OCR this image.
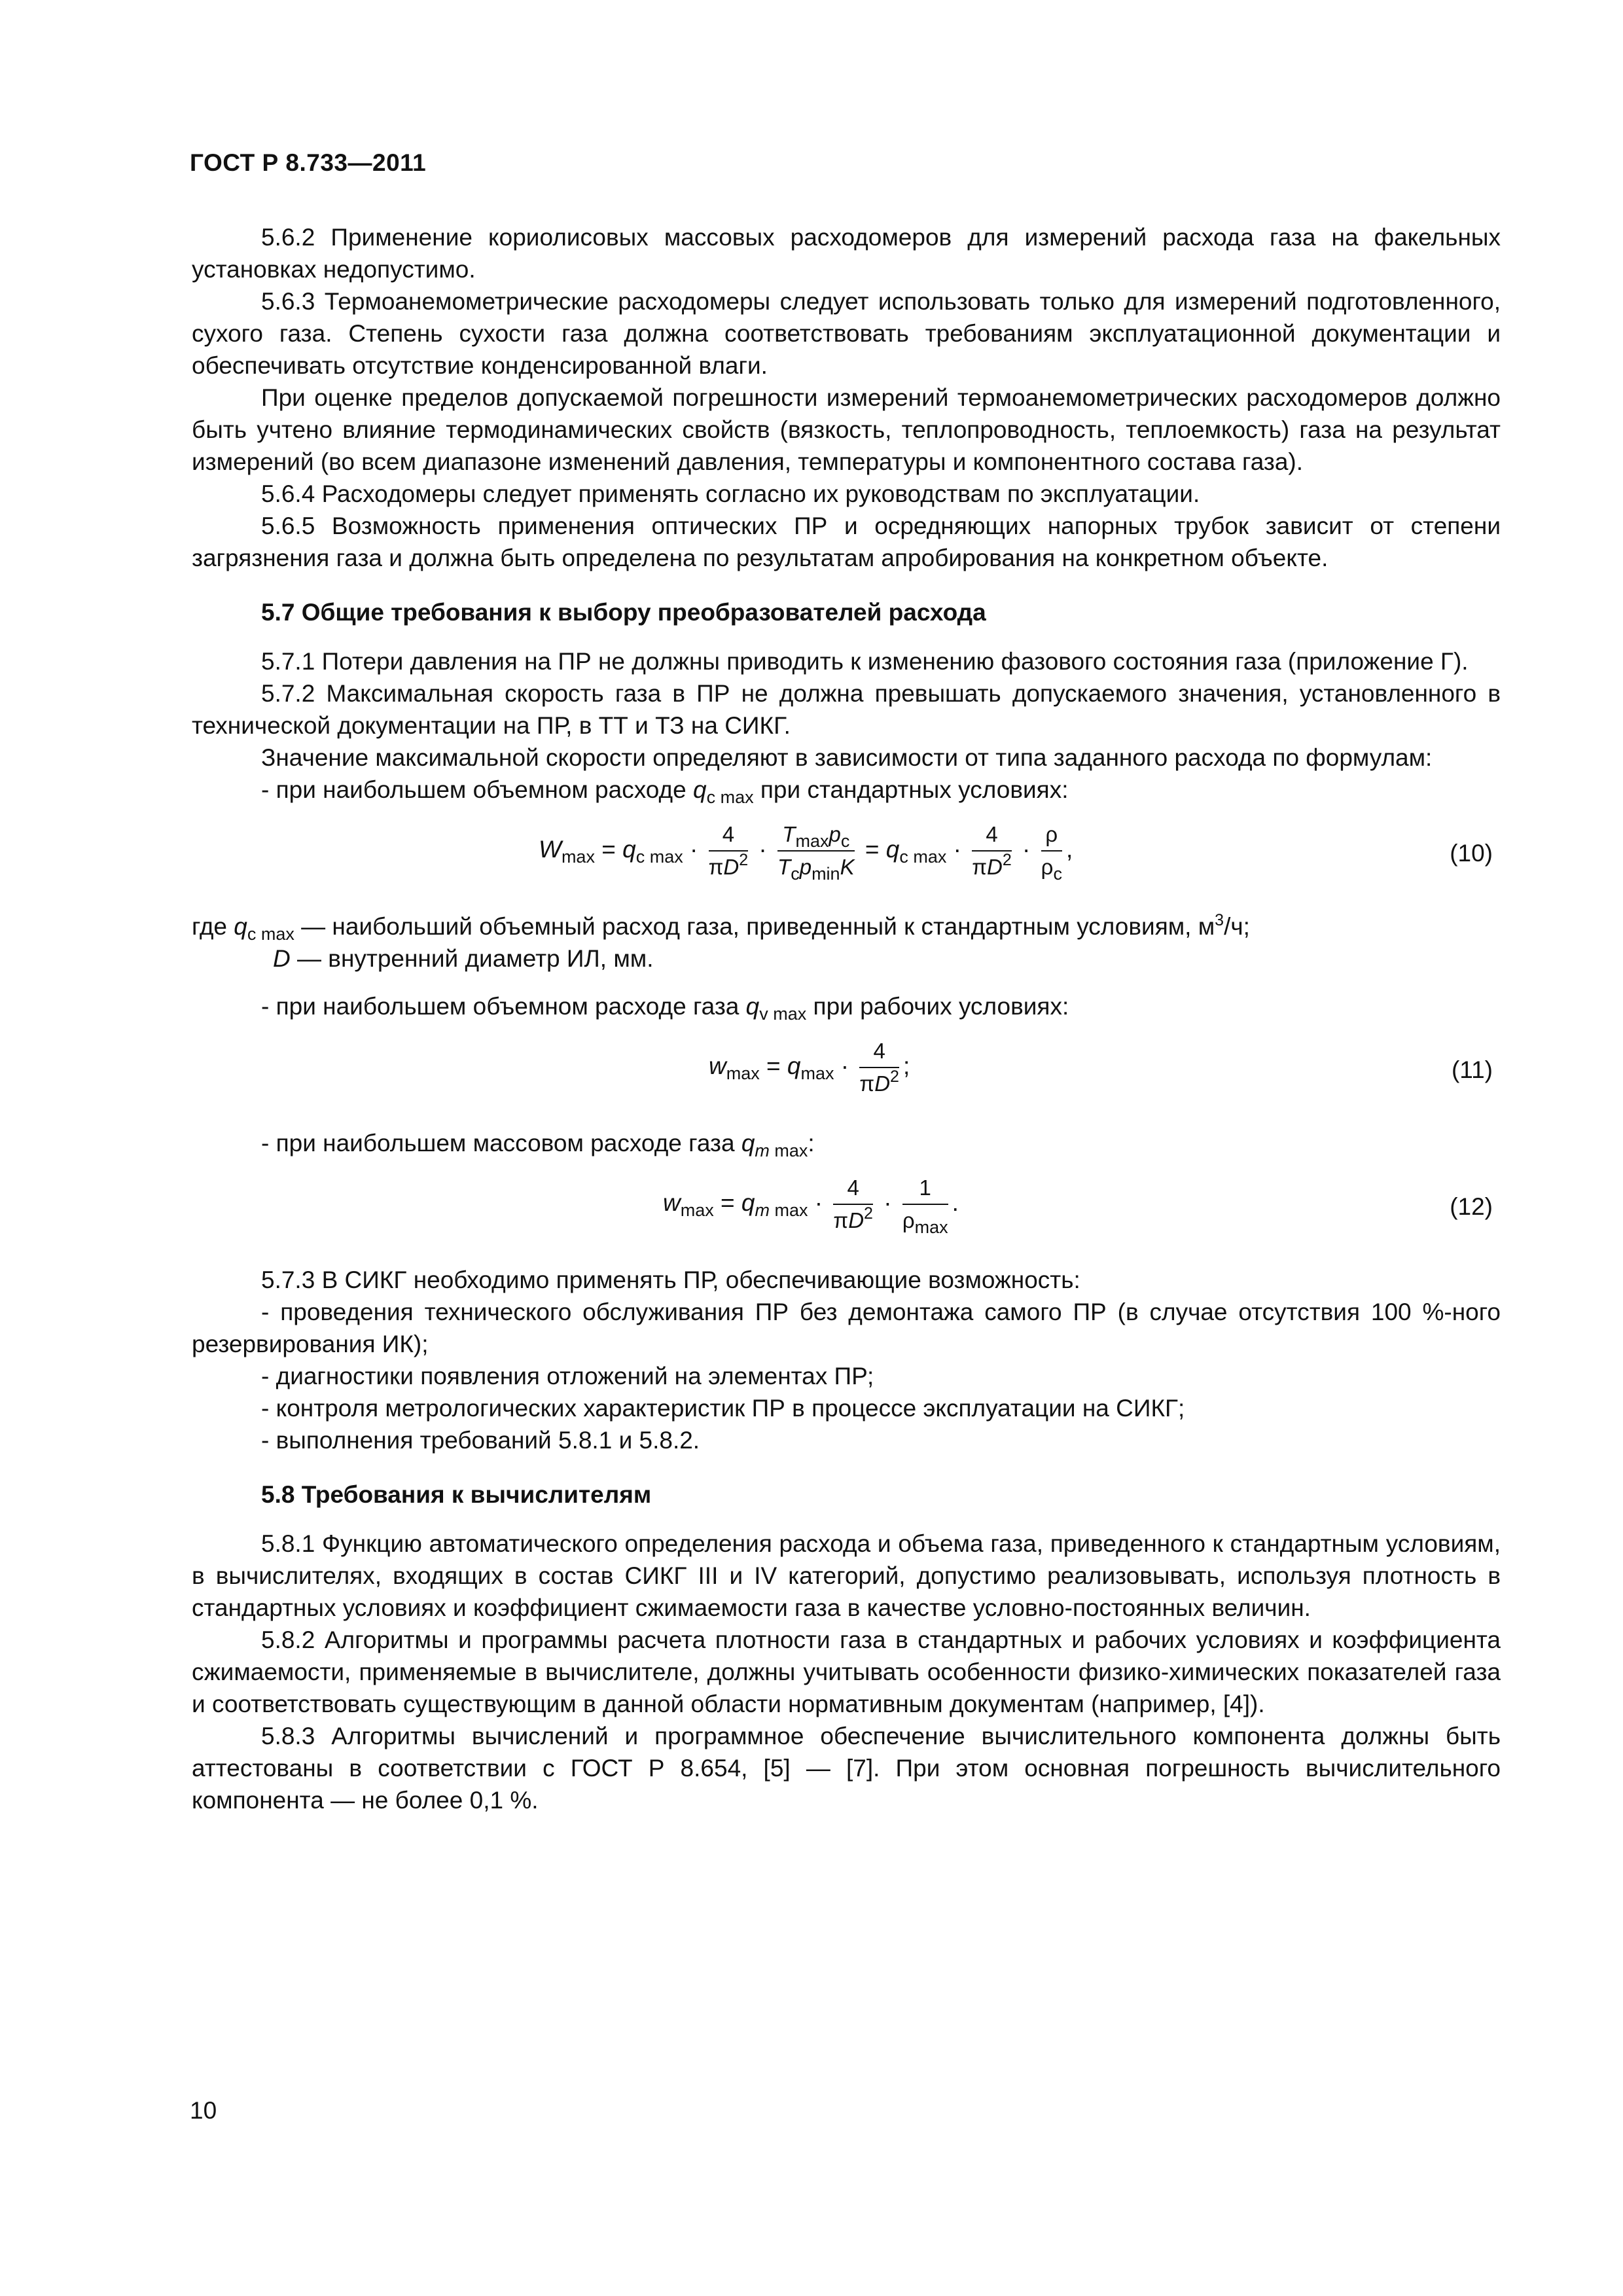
ГОСТ Р 8.733—2011

5.6.2 Применение кориолисовых массовых расходомеров для измерений расхода газа на факельных установках недопустимо.

5.6.3 Термоанемометрические расходомеры следует использовать только для измерений подготовленного, сухого газа. Степень сухости газа должна соответствовать требованиям эксплуатационной документации и обеспечивать отсутствие конденсированной влаги.

При оценке пределов допускаемой погрешности измерений термоанемометрических расходомеров должно быть учтено влияние термодинамических свойств (вязкость, теплопроводность, теплоемкость) газа на результат измерений (во всем диапазоне изменений давления, температуры и компонентного состава газа).

5.6.4 Расходомеры следует применять согласно их руководствам по эксплуатации.

5.6.5 Возможность применения оптических ПР и осредняющих напорных трубок зависит от степени загрязнения газа и должна быть определена по результатам апробирования на конкретном объекте.

5.7 Общие требования к выбору преобразователей расхода

5.7.1 Потери давления на ПР не должны приводить к изменению фазового состояния газа (приложение Г).

5.7.2 Максимальная скорость газа в ПР не должна превышать допускаемого значения, установленного в технической документации на ПР, в ТТ и ТЗ на СИКГ.

Значение максимальной скорости определяют в зависимости от типа заданного расхода по формулам:

- при наибольшем объемном расходе $q_{c max}$ при стандартных условиях:

$W_{max} = q_{c max} \cdot \frac{4}{\pi D^2} \cdot \frac{T_{max}p_c}{T_cp_{min}K} = q_{c max} \cdot \frac{4}{\pi D^2} \cdot \frac{\rho}{\rho_c}$ ,	(10)
где $q_{c max}$ — наибольший объемный расход газа, приведенный к стандартным условиям, $м^3/ч$;
D — внутренний диаметр ИЛ, мм.

- при наибольшем объемном расходе газа $q_{v max}$ при рабочих условиях:

$w_{max} = q_{max} \cdot \frac{4}{\pi D^2}$ ;	(11)

- при наибольшем массовом расходе газа $q_{m max}$:

$w_{max} = q_{m max} \cdot \frac{4}{\pi D^2} \cdot \frac{1}{\rho_{max}}$ .	(12)

5.7.3 В СИКГ необходимо применять ПР, обеспечивающие возможность:

- проведения технического обслуживания ПР без демонтажа самого ПР (в случае отсутствия 100 %-ного резервирования ИК);

- диагностики появления отложений на элементах ПР;

- контроля метрологических характеристик ПР в процессе эксплуатации на СИКГ;

- выполнения требований 5.8.1 и 5.8.2.

5.8 Требования к вычислителям

5.8.1 Функцию автоматического определения расхода и объема газа, приведенного к стандартным условиям, в вычислителях, входящих в состав СИКГ III и IV категорий, допустимо реализовывать, используя плотность в стандартных условиях и коэффициент сжимаемости газа в качестве условно-постоянных величин.

5.8.2 Алгоритмы и программы расчета плотности газа в стандартных и рабочих условиях и коэффициента сжимаемости, применяемые в вычислителе, должны учитывать особенности физико-химических показателей газа и соответствовать существующим в данной области нормативным документам (например, [4]).

5.8.3 Алгоритмы вычислений и программное обеспечение вычислительного компонента должны быть аттестованы в соответствии с ГОСТ Р 8.654, [5] — [7]. При этом основная погрешность вычислительного компонента — не более 0,1 %.

10
